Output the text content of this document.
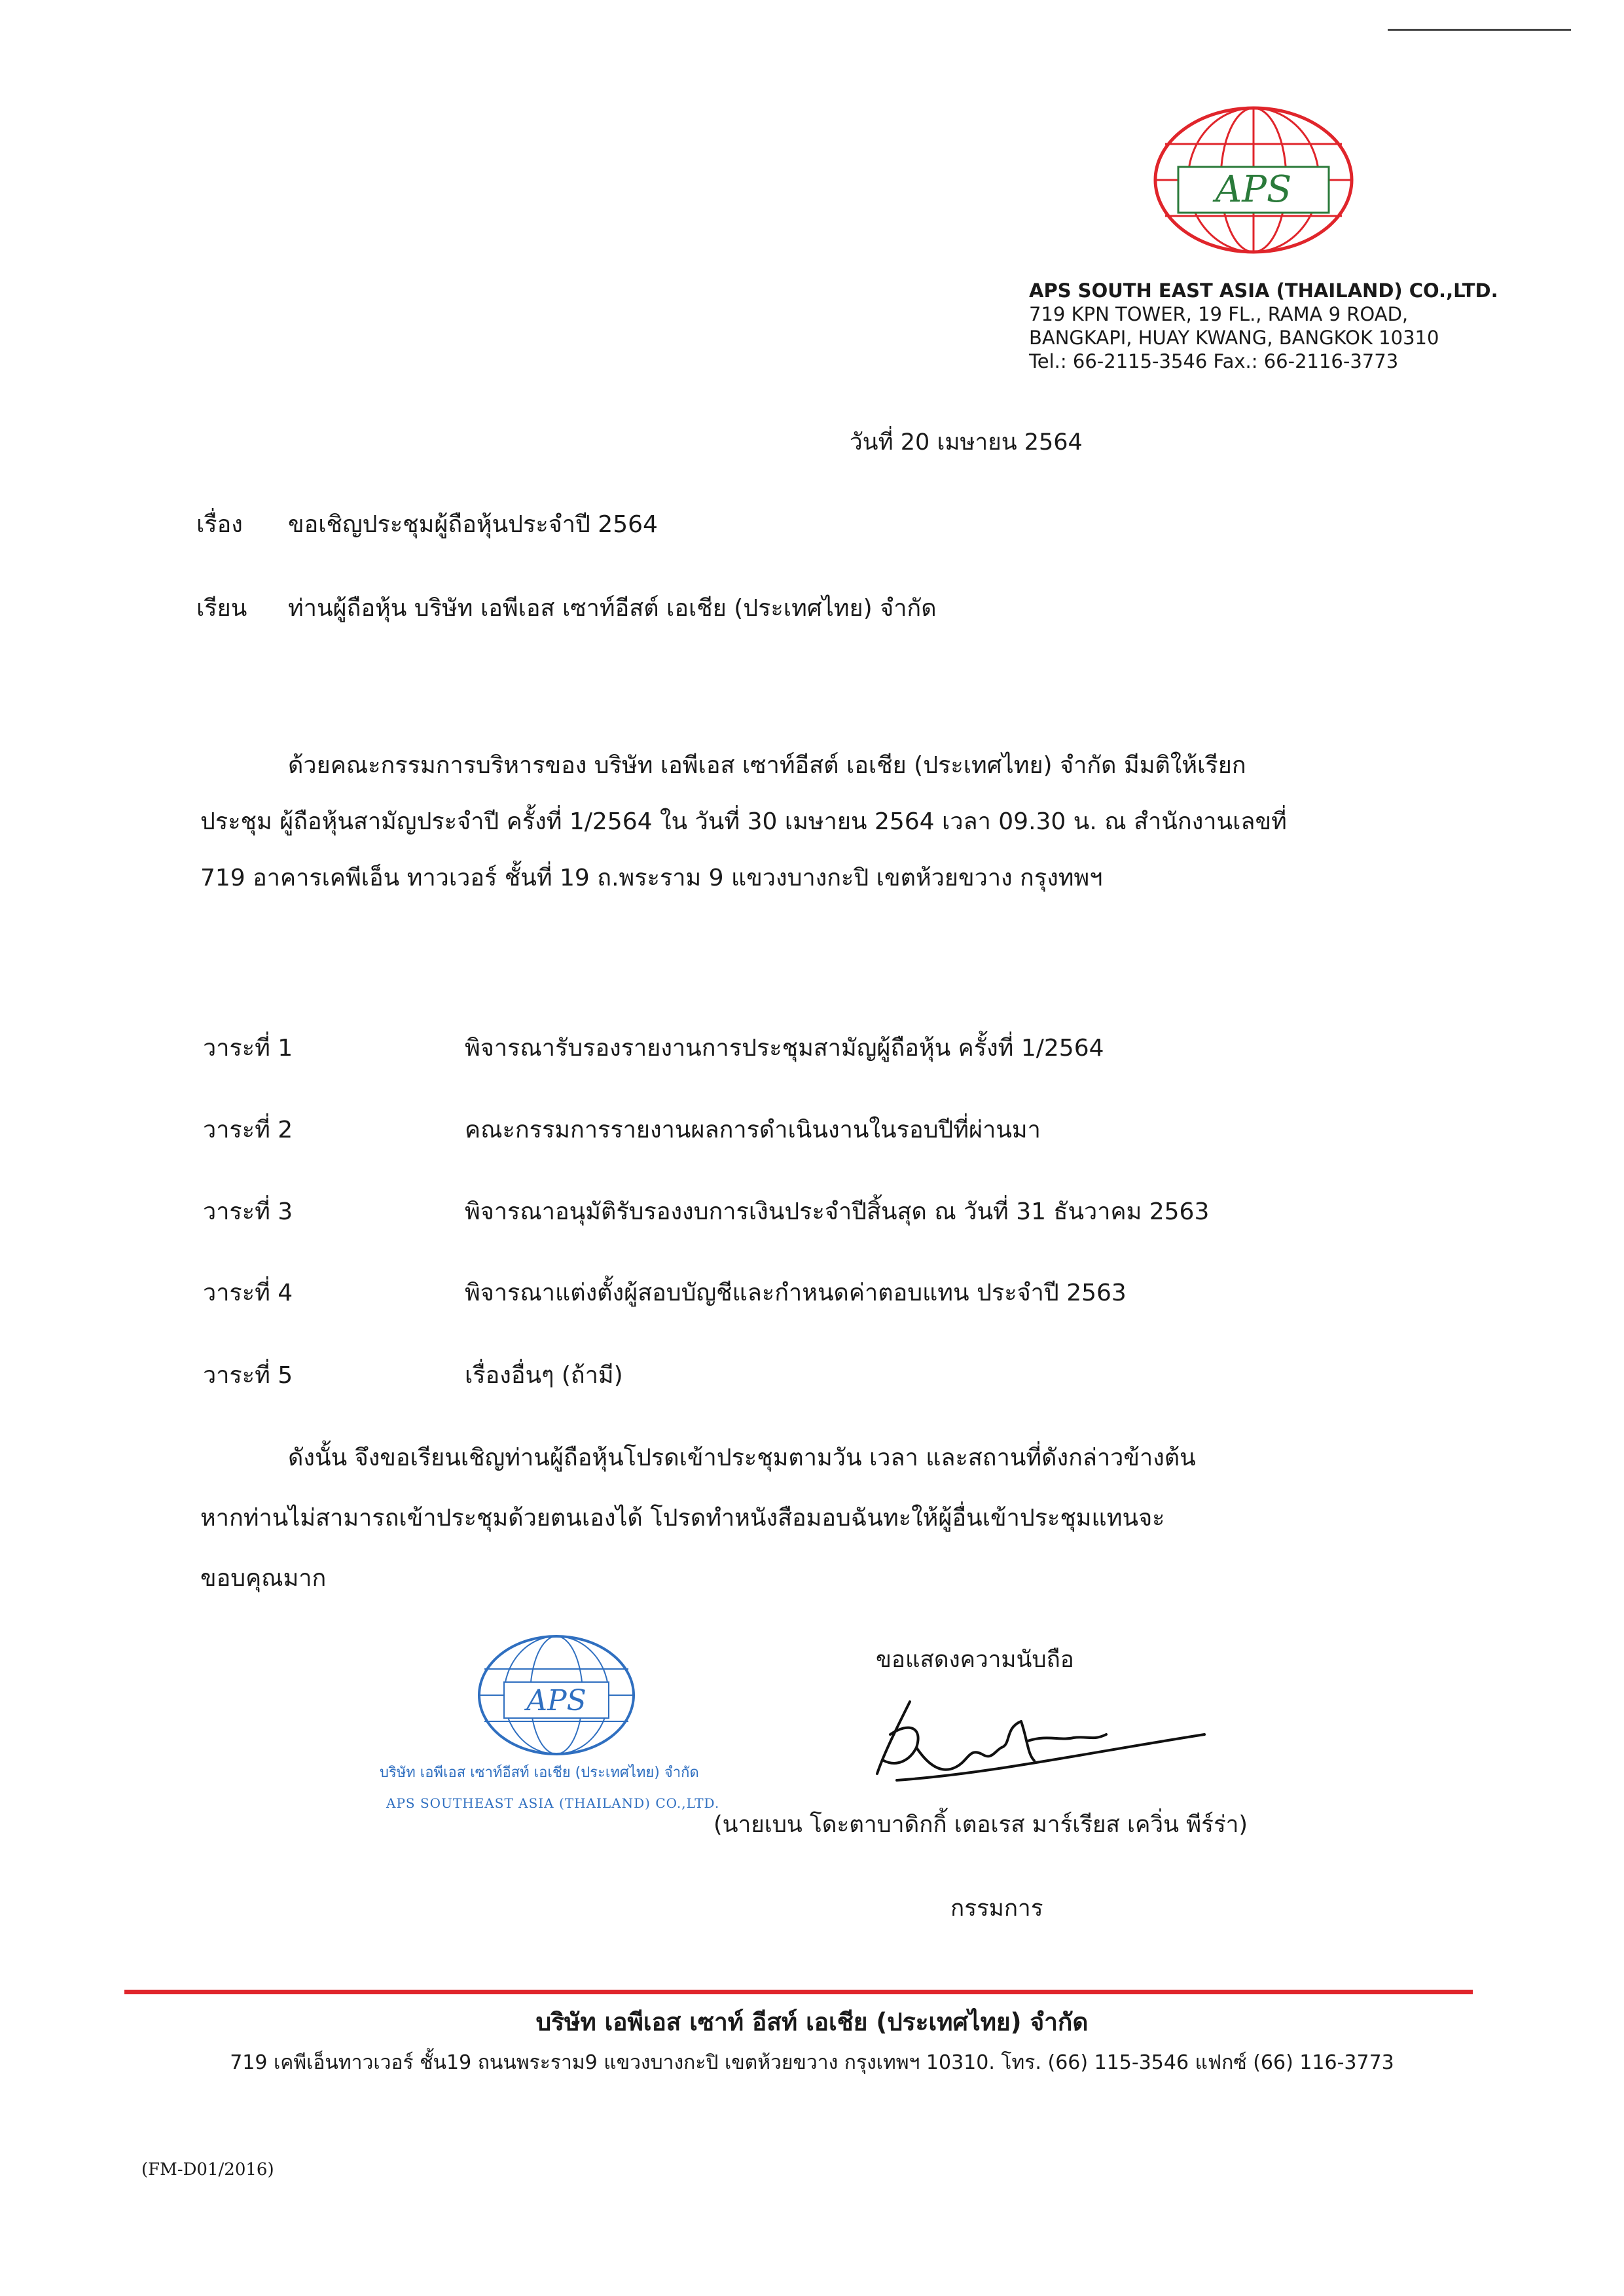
APS
APS SOUTH EAST ASIA (THAILAND) CO.,LTD.
719 KPN TOWER, 19 FL., RAMA 9 ROAD,
BANGKAPI, HUAY KWANG, BANGKOK 10310
Tel.: 66-2115-3546 Fax.: 66-2116-3773
วันที่ 20 เมษายน 2564
เรื่อง ขอเชิญประชุมผู้ถือหุ้นประจำปี 2564
เรียน ท่านผู้ถือหุ้น บริษัท เอพีเอส เซาท์อีสต์ เอเชีย (ประเทศไทย) จำกัด
ด้วยคณะกรรมการบริหารของ บริษัท เอพีเอส เซาท์อีสต์ เอเชีย (ประเทศไทย) จำกัด มีมติให้เรียก
ประชุม ผู้ถือหุ้นสามัญประจำปี ครั้งที่ 1/2564 ใน วันที่ 30 เมษายน 2564 เวลา 09.30 น. ณ สำนักงานเลขที่
719 อาคารเคพีเอ็น ทาวเวอร์ ชั้นที่ 19 ถ.พระราม 9 แขวงบางกะปิ เขตห้วยขวาง กรุงทพฯ
วาระที่ 1	พิจารณารับรองรายงานการประชุมสามัญผู้ถือหุ้น ครั้งที่ 1/2564
วาระที่ 2	คณะกรรมการรายงานผลการดำเนินงานในรอบปีที่ผ่านมา
วาระที่ 3	พิจารณาอนุมัติรับรองงบการเงินประจำปีสิ้นสุด ณ วันที่ 31 ธันวาคม 2563
วาระที่ 4	พิจารณาแต่งตั้งผู้สอบบัญชีและกำหนดค่าตอบแทน ประจำปี 2563
วาระที่ 5	เรื่องอื่นๆ (ถ้ามี)
ดังนั้น จึงขอเรียนเชิญท่านผู้ถือหุ้นโปรดเข้าประชุมตามวัน เวลา และสถานที่ดังกล่าวข้างต้น
หากท่านไม่สามารถเข้าประชุมด้วยตนเองได้ โปรดทำหนังสือมอบฉันทะให้ผู้อื่นเข้าประชุมแทนจะ
ขอบคุณมาก
ขอแสดงความนับถือ
APS
บริษัท เอพีเอส เซาท์อีสท์ เอเชีย (ประเทศไทย) จำกัด
APS SOUTHEAST ASIA (THAILAND) CO.,LTD.
(นายเบน โดะตาบาดิกกิ้ เตอเรส มาร์เรียส เควิ่น พีร์ร่า)
กรรมการ
บริษัท เอพีเอส เซาท์ อีสท์ เอเชีย (ประเทศไทย) จำกัด
719 เคพีเอ็นทาวเวอร์ ชั้น19 ถนนพระราม9 แขวงบางกะปิ เขตห้วยขวาง กรุงเทพฯ 10310. โทร. (66) 115-3546 แฟกซ์ (66) 116-3773
(FM-D01/2016)
